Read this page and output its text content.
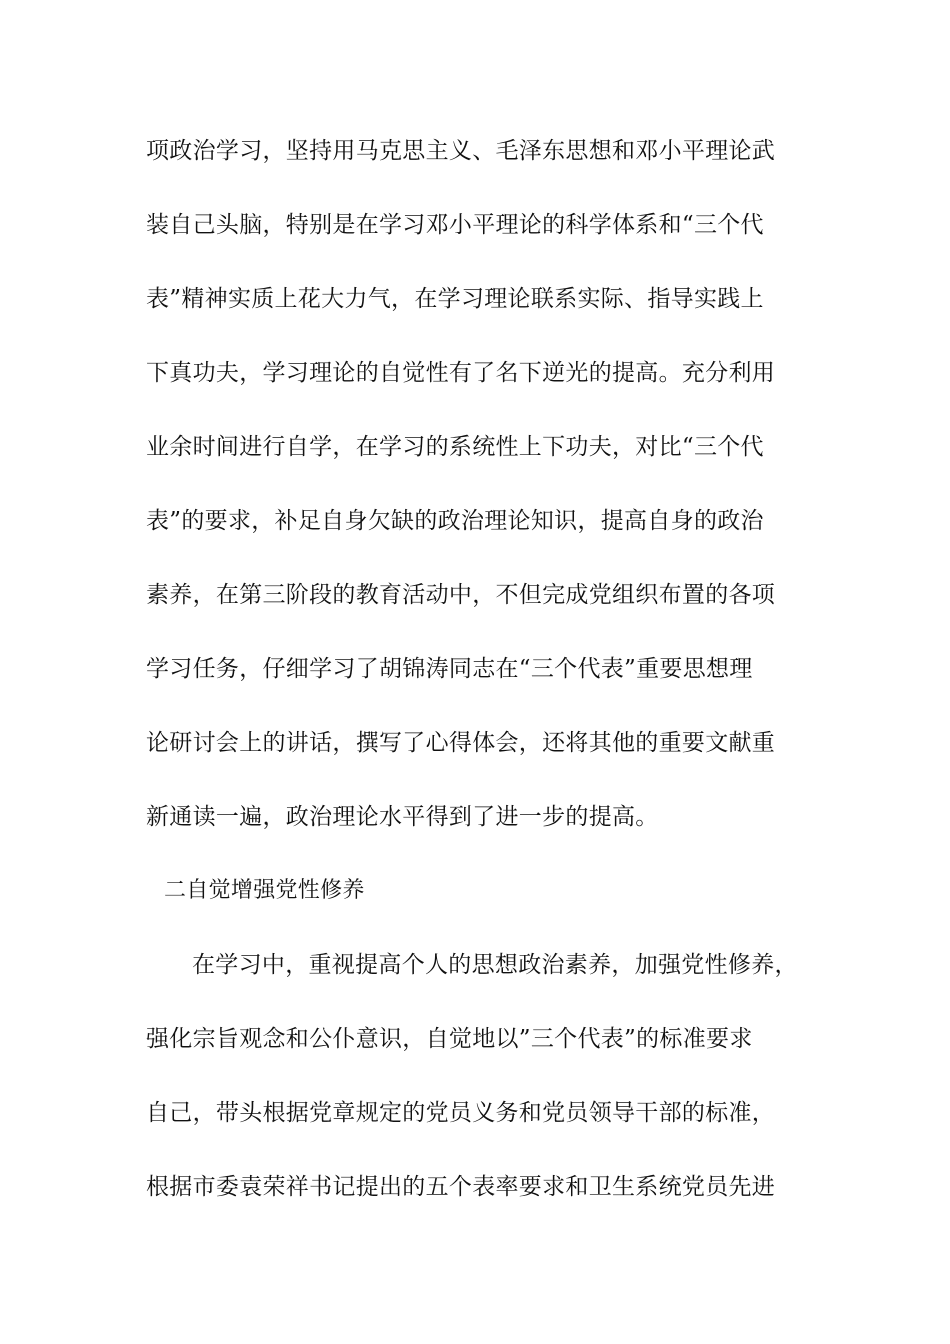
项政治学习，坚持用马克思主义、毛泽东思想和邓小平理论武
装自己头脑，特别是在学习邓小平理论的科学体系和“三个代
表”精神实质上花大力气，在学习理论联系实际、指导实践上
下真功夫，学习理论的自觉性有了名下逆光的提高。充分利用
业余时间进行自学，在学习的系统性上下功夫，对比“三个代
表”的要求，补足自身欠缺的政治理论知识，提高自身的政治
素养，在第三阶段的教育活动中，不但完成党组织布置的各项
学习任务，仔细学习了胡锦涛同志在“三个代表”重要思想理
论研讨会上的讲话，撰写了心得体会，还将其他的重要文献重
新通读一遍，政治理论水平得到了进一步的提高。
二自觉增强党性修养
在学习中，重视提高个人的思想政治素养，加强党性修养，
强化宗旨观念和公仆意识，自觉地以”三个代表”的标准要求
自己，带头根据党章规定的党员义务和党员领导干部的标准，
根据市委袁荣祥书记提出的五个表率要求和卫生系统党员先进
